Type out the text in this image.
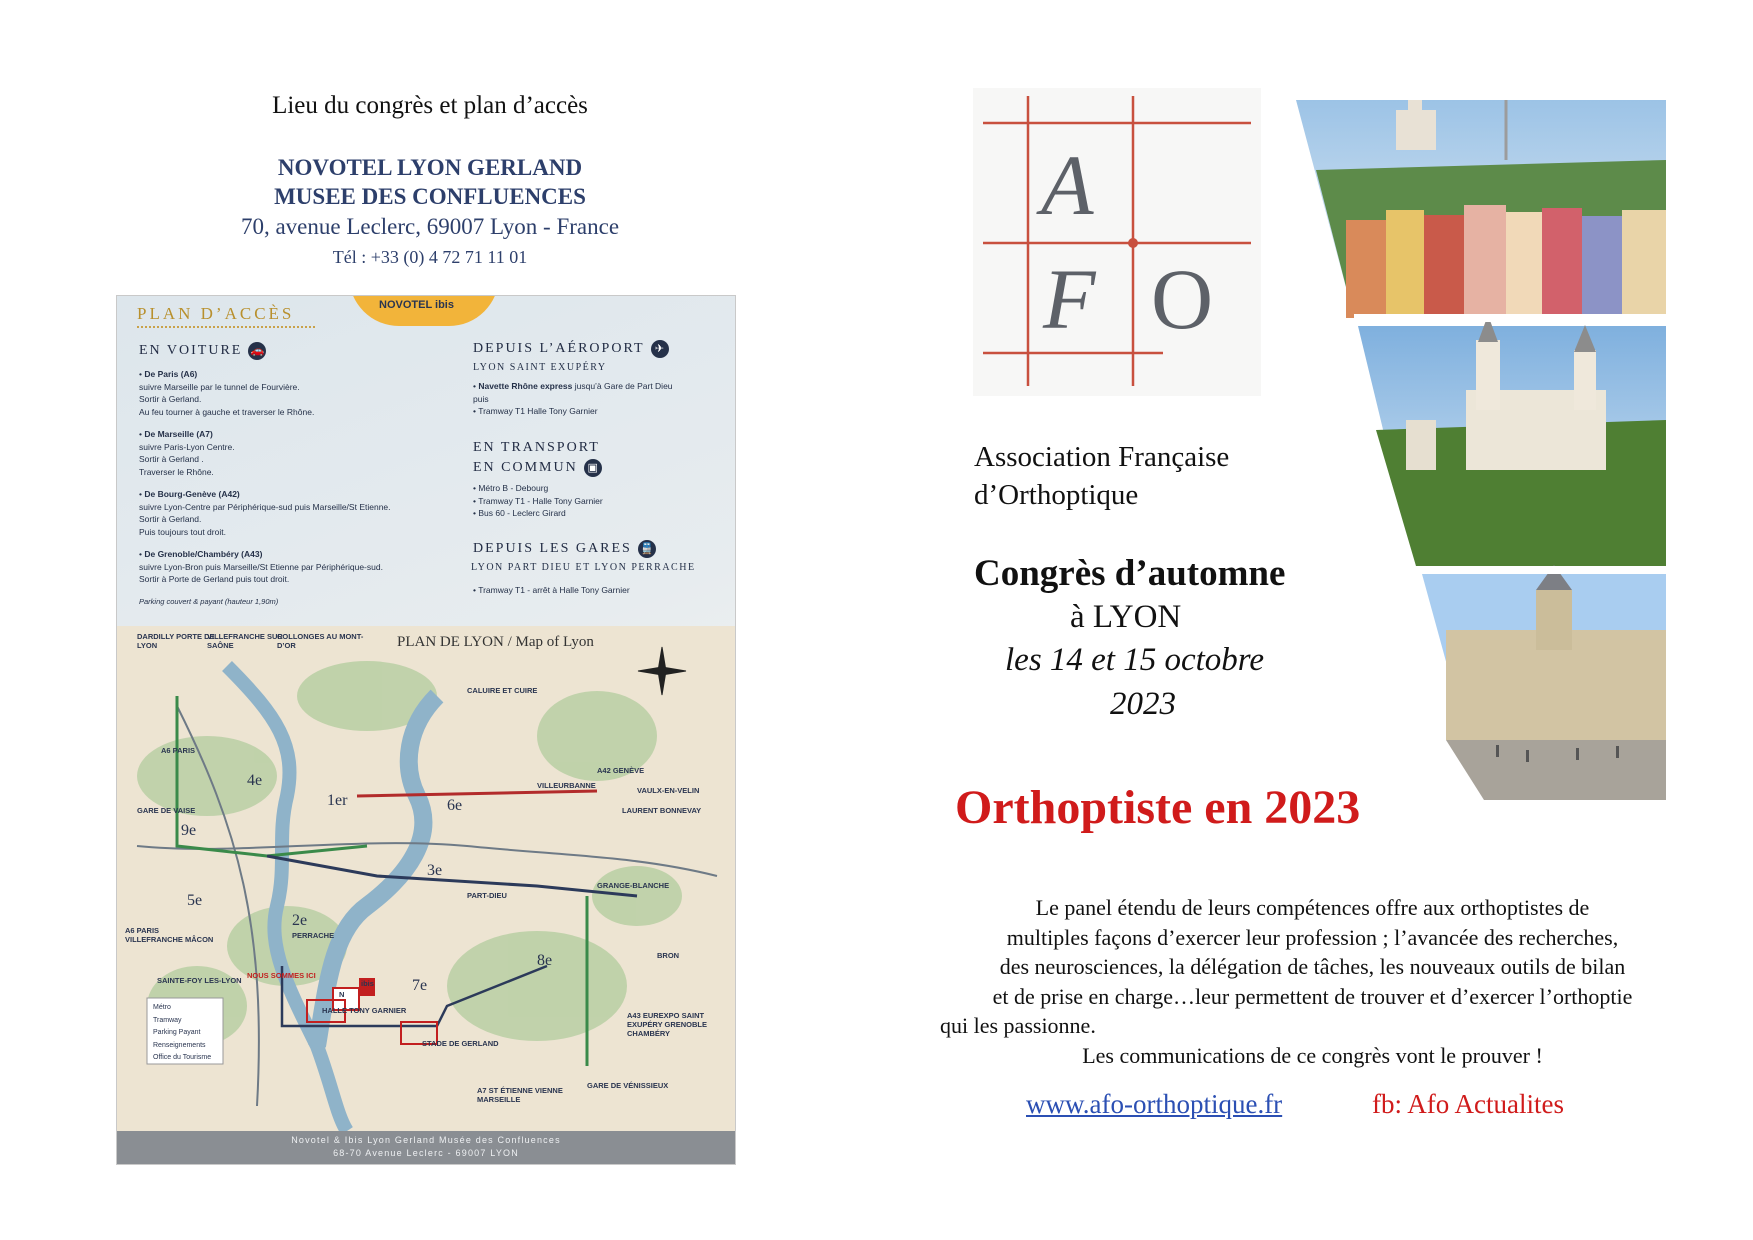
Lieu du congrès et plan d’accès
NOVOTEL LYON GERLAND
MUSEE DES CONFLUENCES
70, avenue Leclerc, 69007 Lyon - France
Tél : +33 (0) 4 72 71 11 01
NOVOTEL ibis
PLAN D’ACCÈS
EN VOITURE 🚗
• De Paris (A6)
suivre Marseille par le tunnel de Fourvière.
Sortir à Gerland.
Au feu tourner à gauche et traverser le Rhône.
• De Marseille (A7)
suivre Paris-Lyon Centre.
Sortir à Gerland .
Traverser le Rhône.
• De Bourg-Genève (A42)
suivre Lyon-Centre par Périphérique-sud puis Marseille/St Etienne.
Sortir à Gerland.
Puis toujours tout droit.
• De Grenoble/Chambéry (A43)
suivre Lyon-Bron puis Marseille/St Etienne par Périphérique-sud.
Sortir à Porte de Gerland puis tout droit.
Parking couvert & payant (hauteur 1,90m)
DEPUIS L’AÉROPORT ✈
LYON SAINT EXUPÉRY
• Navette Rhône express jusqu’à Gare de Part Dieu
puis
• Tramway T1 Halle Tony Garnier
EN TRANSPORT
EN COMMUN ▣
• Métro B - Debourg
• Tramway T1 - Halle Tony Garnier
• Bus 60 - Leclerc Girard
DEPUIS LES GARES 🚆
LYON PART DIEU ET LYON PERRACHE
• Tramway T1 - arrêt à Halle Tony Garnier
PLAN DE LYON / Map of Lyon
DARDILLY PORTE DE LYON
VILLEFRANCHE SUR SAÔNE
COLLONGES AU MONT-D’OR
CALUIRE ET CUIRE
VAULX-EN-VELIN
A42 GENÈVE
A6 PARIS
GARE DE VAISE
9e
4e
1er	6e
VILLEURBANNE
LAURENT BONNEVAY
2e
3e
5e
7e
8e
PART-DIEU
PERRACHE
A6 PARIS VILLEFRANCHE MÂCON
SAINTE-FOY LES-LYON
NOUS SOMMES ICI
HALLE TONY GARNIER
STADE DE GERLAND
A7 ST ÉTIENNE VIENNE MARSEILLE
GARE DE VÉNISSIEUX
A43 EUREXPO SAINT EXUPÉRY GRENOBLE CHAMBÉRY
BRON
GRANGE-BLANCHE
N
ibis
Métro
Tramway
Parking Payant
Renseignements
Office du Tourisme
Novotel & Ibis Lyon Gerland Musée des Confluences
68-70 Avenue Leclerc - 69007 LYON
A
F O
Association Française
d’Orthoptique
Congrès d’automne
à LYON
les 14 et 15 octobre
2023
Orthoptiste en 2023
Le panel étendu de leurs compétences offre aux orthoptistes de
multiples façons d’exercer leur profession ; l’avancée des recherches,
des neurosciences, la délégation de tâches, les nouveaux outils de bilan
et de prise en charge…leur permettent de trouver et d’exercer l’orthoptie
qui les passionne.
Les communications de ce congrès vont le prouver !
www.afo-orthoptique.fr	fb: Afo Actualites
